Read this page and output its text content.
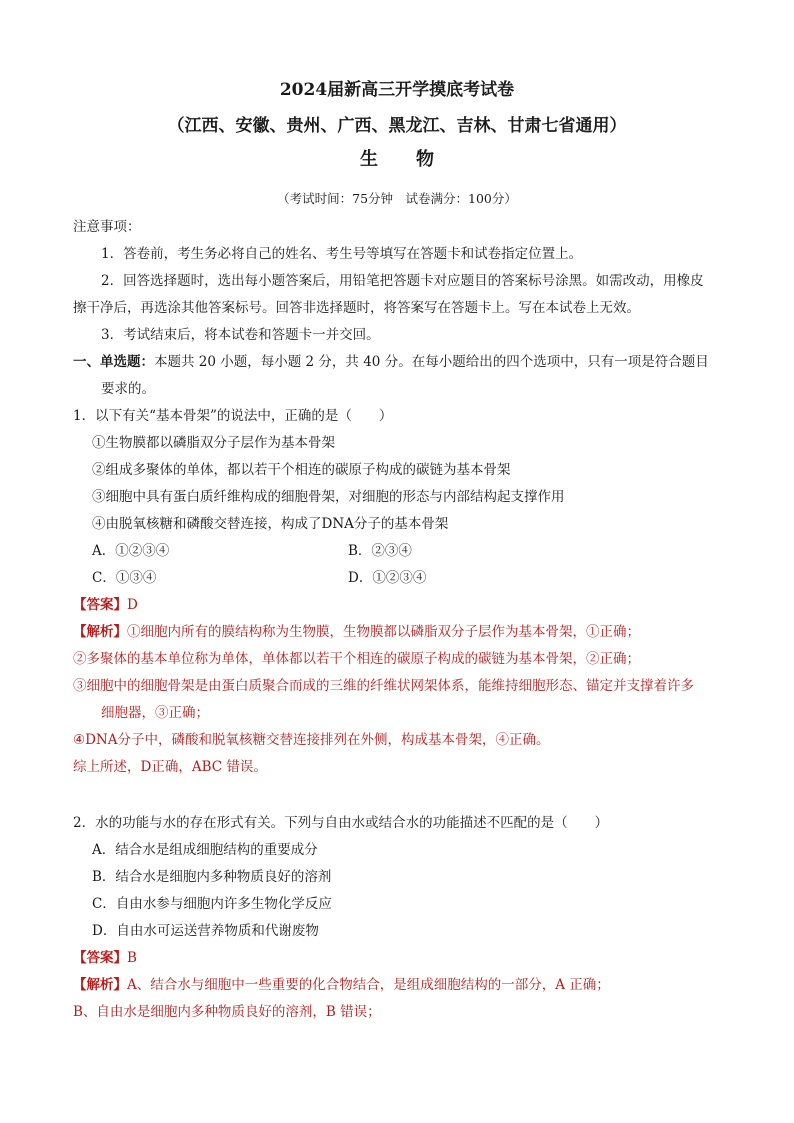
2024届新高三开学摸底考试卷
（江西、安徽、贵州、广西、黑龙江、吉林、甘肃七省通用）
生物
（考试时间：75分钟　试卷满分：100分）
注意事项：
1．答卷前，考生务必将自己的姓名、考生号等填写在答题卡和试卷指定位置上。
2．回答选择题时，选出每小题答案后，用铅笔把答题卡对应题目的答案标号涂黑。如需改动，用橡皮
擦干净后，再选涂其他答案标号。回答非选择题时，将答案写在答题卡上。写在本试卷上无效。
3．考试结束后，将本试卷和答题卡一并交回。
一、单选题：本题共 20 小题，每小题 2 分，共 40 分。在每小题给出的四个选项中，只有一项是符合题目
要求的。
1．以下有关“基本骨架”的说法中，正确的是（　　）
①生物膜都以磷脂双分子层作为基本骨架
②组成多聚体的单体，都以若干个相连的碳原子构成的碳链为基本骨架
③细胞中具有蛋白质纤维构成的细胞骨架，对细胞的形态与内部结构起支撑作用
④由脱氧核糖和磷酸交替连接，构成了DNA分子的基本骨架
A．①②③④	B．②③④
C．①③④	D．①②③④
【答案】D
【解析】①细胞内所有的膜结构称为生物膜，生物膜都以磷脂双分子层作为基本骨架，①正确；
②多聚体的基本单位称为单体，单体都以若干个相连的碳原子构成的碳链为基本骨架，②正确；
③细胞中的细胞骨架是由蛋白质聚合而成的三维的纤维状网架体系，能维持细胞形态、锚定并支撑着许多
细胞器，③正确；
④DNA分子中，磷酸和脱氧核糖交替连接排列在外侧，构成基本骨架，④正确。
综上所述，D正确，ABC 错误。
2．水的功能与水的存在形式有关。下列与自由水或结合水的功能描述不匹配的是（　　）
A．结合水是组成细胞结构的重要成分
B．结合水是细胞内多种物质良好的溶剂
C．自由水参与细胞内许多生物化学反应
D．自由水可运送营养物质和代谢废物
【答案】B
【解析】A、结合水与细胞中一些重要的化合物结合，是组成细胞结构的一部分，A 正确；
B、自由水是细胞内多种物质良好的溶剂，B 错误；
